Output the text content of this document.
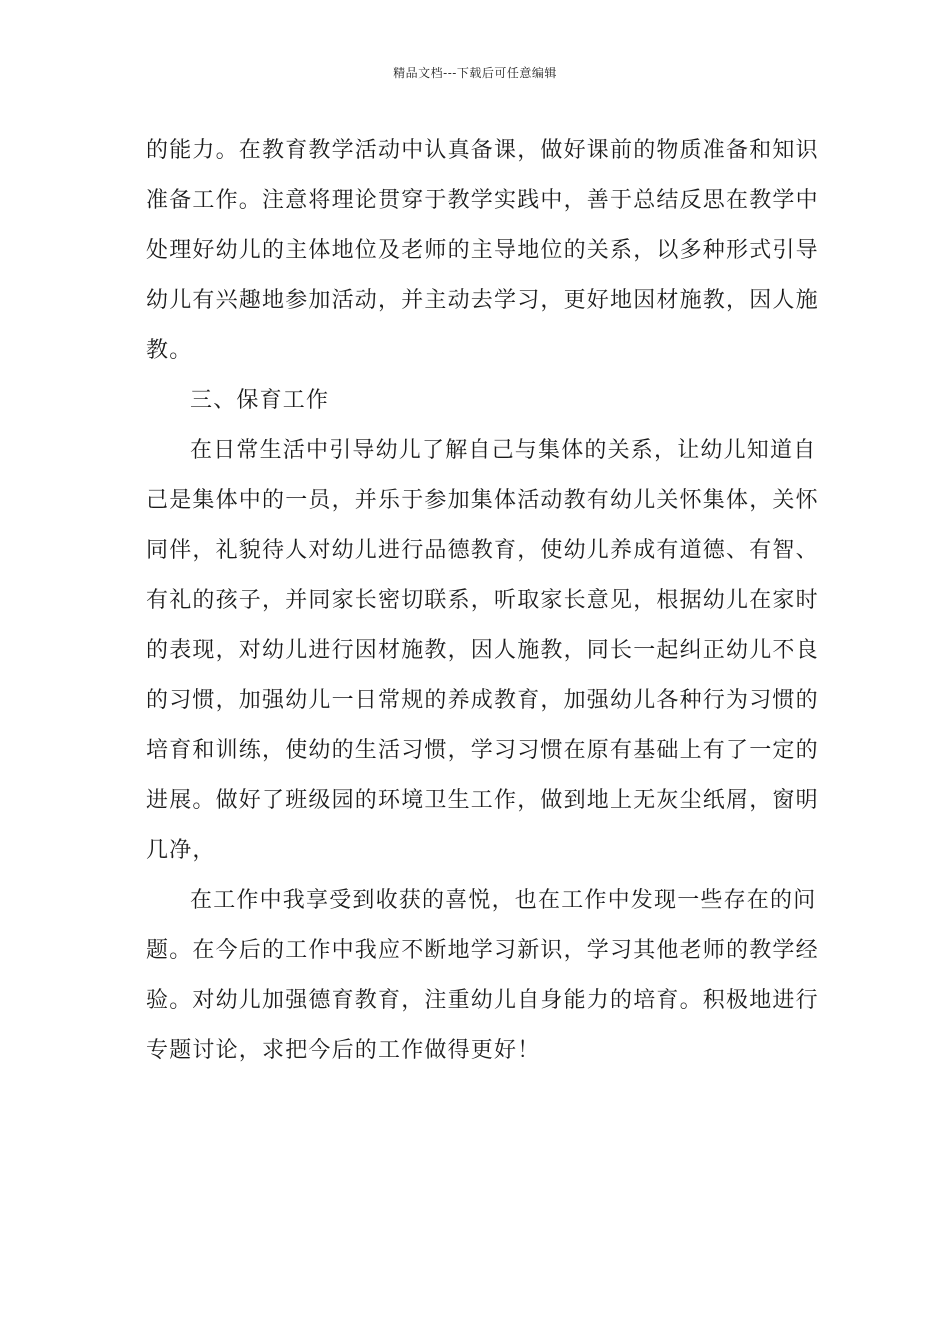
精品文档---下载后可任意编辑

的能力。在教育教学活动中认真备课，做好课前的物质准备和知识
准备工作。注意将理论贯穿于教学实践中，善于总结反思在教学中
处理好幼儿的主体地位及老师的主导地位的关系，以多种形式引导
幼儿有兴趣地参加活动，并主动去学习，更好地因材施教，因人施
教。

三、保育工作

在日常生活中引导幼儿了解自己与集体的关系，让幼儿知道自
己是集体中的一员，并乐于参加集体活动教有幼儿关怀集体，关怀
同伴，礼貌待人对幼儿进行品德教育，使幼儿养成有道德、有智、
有礼的孩子，并同家长密切联系，听取家长意见，根据幼儿在家时
的表现，对幼儿进行因材施教，因人施教，同长一起纠正幼儿不良
的习惯，加强幼儿一日常规的养成教育，加强幼儿各种行为习惯的
培育和训练，使幼的生活习惯，学习习惯在原有基础上有了一定的
进展。做好了班级园的环境卫生工作，做到地上无灰尘纸屑，窗明
几净，

在工作中我享受到收获的喜悦，也在工作中发现一些存在的问
题。在今后的工作中我应不断地学习新识，学习其他老师的教学经
验。对幼儿加强德育教育，注重幼儿自身能力的培育。积极地进行
专题讨论，求把今后的工作做得更好！
